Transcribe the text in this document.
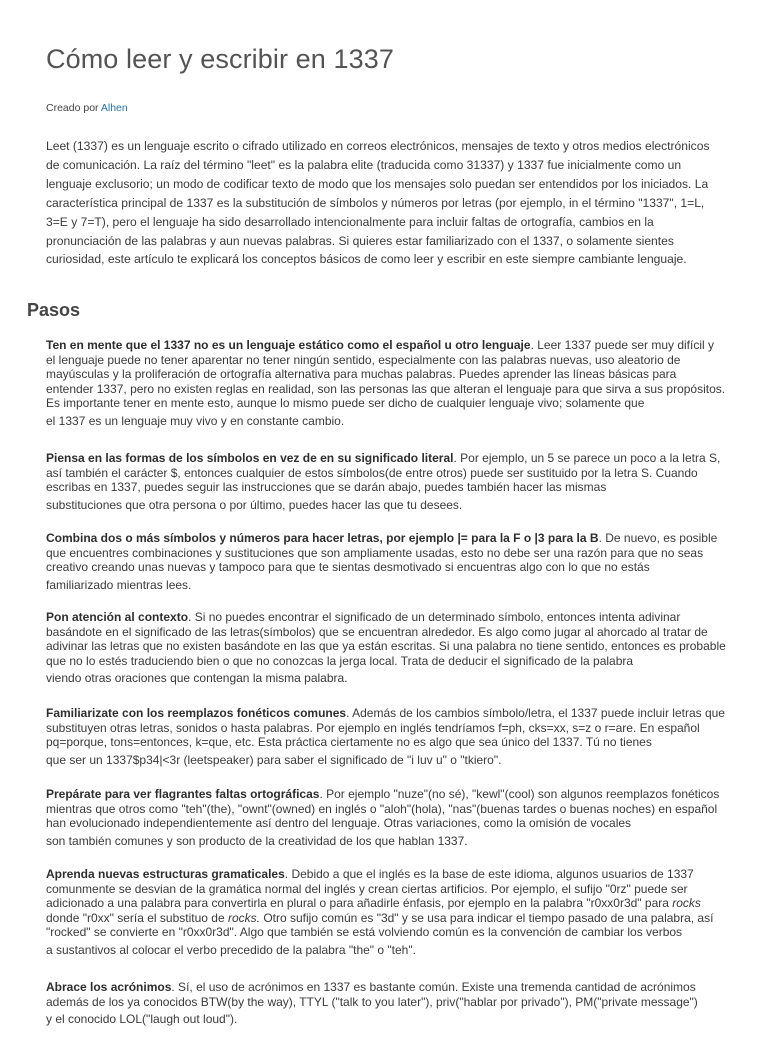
Cómo leer y escribir en 1337
Creado por Alhen

Leet (1337) es un lenguaje escrito o cifrado utilizado en correos electrónicos, mensajes de texto y otros medios electrónicos de comunicación. La raíz del término "leet" es la palabra elite (traducida como 31337) y 1337 fue inicialmente como un lenguaje exclusorio; un modo de codificar texto de modo que los mensajes solo puedan ser entendidos por los iniciados. La característica principal de 1337 es la substitución de símbolos y números por letras (por ejemplo, in el término "1337", 1=L, 3=E y 7=T), pero el lenguaje ha sido desarrollado intencionalmente para incluir faltas de ortografía, cambios en la pronunciación de las palabras y aun nuevas palabras. Si quieres estar familiarizado con el 1337, o solamente sientes curiosidad, este artículo te explicará los conceptos básicos de como leer y escribir en este siempre cambiante lenguaje.

Pasos
Ten en mente que el 1337 no es un lenguaje estático como el español u otro lenguaje. Leer 1337 puede ser muy difícil y el lenguaje puede no tener aparentar no tener ningún sentido, especialmente con las palabras nuevas, uso aleatorio de mayúsculas y la proliferación de ortografía alternativa para muchas palabras. Puedes aprender las líneas básicas para entender 1337, pero no existen reglas en realidad, son las personas las que alteran el lenguaje para que sirva a sus propósitos. Es importante tener en mente esto, aunque lo mismo puede ser dicho de cualquier lenguaje vivo; solamente que
el 1337 es un lenguaje muy vivo y en constante cambio.
Piensa en las formas de los símbolos en vez de en su significado literal. Por ejemplo, un 5 se parece un poco a la letra S, así también el carácter $, entonces cualquier de estos símbolos(de entre otros) puede ser sustituido por la letra S. Cuando escribas en 1337, puedes seguir las instrucciones que se darán abajo, puedes también hacer las mismas
substituciones que otra persona o por último, puedes hacer las que tu desees.
Combina dos o más símbolos y números para hacer letras, por ejemplo |= para la F o |3 para la B. De nuevo, es posible que encuentres combinaciones y sustituciones que son ampliamente usadas, esto no debe ser una razón para que no seas creativo creando unas nuevas y tampoco para que te sientas desmotivado si encuentras algo con lo que no estás
familiarizado mientras lees.
Pon atención al contexto. Si no puedes encontrar el significado de un determinado símbolo, entonces intenta adivinar basándote en el significado de las letras(símbolos) que se encuentran alrededor. Es algo como jugar al ahorcado al tratar de adivinar las letras que no existen basándote en las que ya están escritas. Si una palabra no tiene sentido, entonces es probable que no lo estés traduciendo bien o que no conozcas la jerga local. Trata de deducir el significado de la palabra
viendo otras oraciones que contengan la misma palabra.
Familiarizate con los reemplazos fonéticos comunes. Además de los cambios símbolo/letra, el 1337 puede incluir letras que substituyen otras letras, sonidos o hasta palabras. Por ejemplo en inglés tendríamos f=ph, cks=xx, s=z o r=are. En español pq=porque, tons=entonces, k=que, etc. Esta práctica ciertamente no es algo que sea único del 1337. Tú no tienes
que ser un 1337$p34|<3r (leetspeaker) para saber el significado de "i luv u" o "tkiero".
Prepárate para ver flagrantes faltas ortográficas. Por ejemplo "nuze"(no sé), "kewl"(cool) son algunos reemplazos fonéticos mientras que otros como "teh"(the), "ownt"(owned) en inglés o "aloh"(hola), "nas"(buenas tardes o buenas noches) en español han evolucionado independientemente así dentro del lenguaje. Otras variaciones, como la omisión de vocales
son también comunes y son producto de la creatividad de los que hablan 1337.
Aprenda nuevas estructuras gramaticales. Debido a que el inglés es la base de este idioma, algunos usuarios de 1337 comunmente se desvian de la gramática normal del inglés y crean ciertas artificios. Por ejemplo, el sufijo "0rz" puede ser adicionado a una palabra para convertirla en plural o para añadirle énfasis, por ejemplo en la palabra "r0xx0r3d" para rocks donde "r0xx" sería el substituo de rocks. Otro sufijo común es "3d" y se usa para indicar el tiempo pasado de una palabra, así "rocked" se convierte en "r0xx0r3d". Algo que también se está volviendo común es la convención de cambiar los verbos
a sustantivos al colocar el verbo precedido de la palabra "the" o "teh".
Abrace los acrónimos. Sí, el uso de acrónimos en 1337 es bastante común. Existe una tremenda cantidad de acrónimos además de los ya conocidos BTW(by the way), TTYL ("talk to you later"), priv("hablar por privado"), PM("private message")
y el conocido LOL("laugh out loud").
